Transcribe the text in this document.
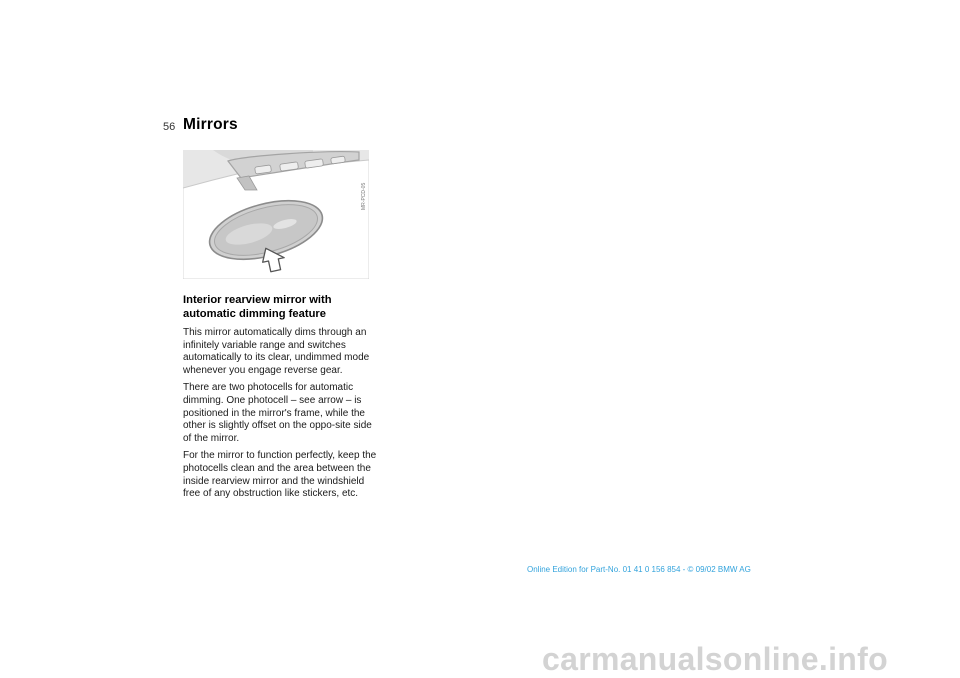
56 Mirrors
MR-PCD-05
Interior rearview mirror with automatic dimming feature

This mirror automatically dims through an infinitely variable range and switches automatically to its clear, undimmed mode whenever you engage reverse gear.

There are two photocells for automatic dimming. One photocell – see arrow – is positioned in the mirror's frame, while the other is slightly offset on the oppo-site side of the mirror.

For the mirror to function perfectly, keep the photocells clean and the area between the inside rearview mirror and the windshield free of any obstruction like stickers, etc.

Online Edition for Part-No. 01 41 0 156 854 - © 09/02 BMW AG
carmanualsonline.info
